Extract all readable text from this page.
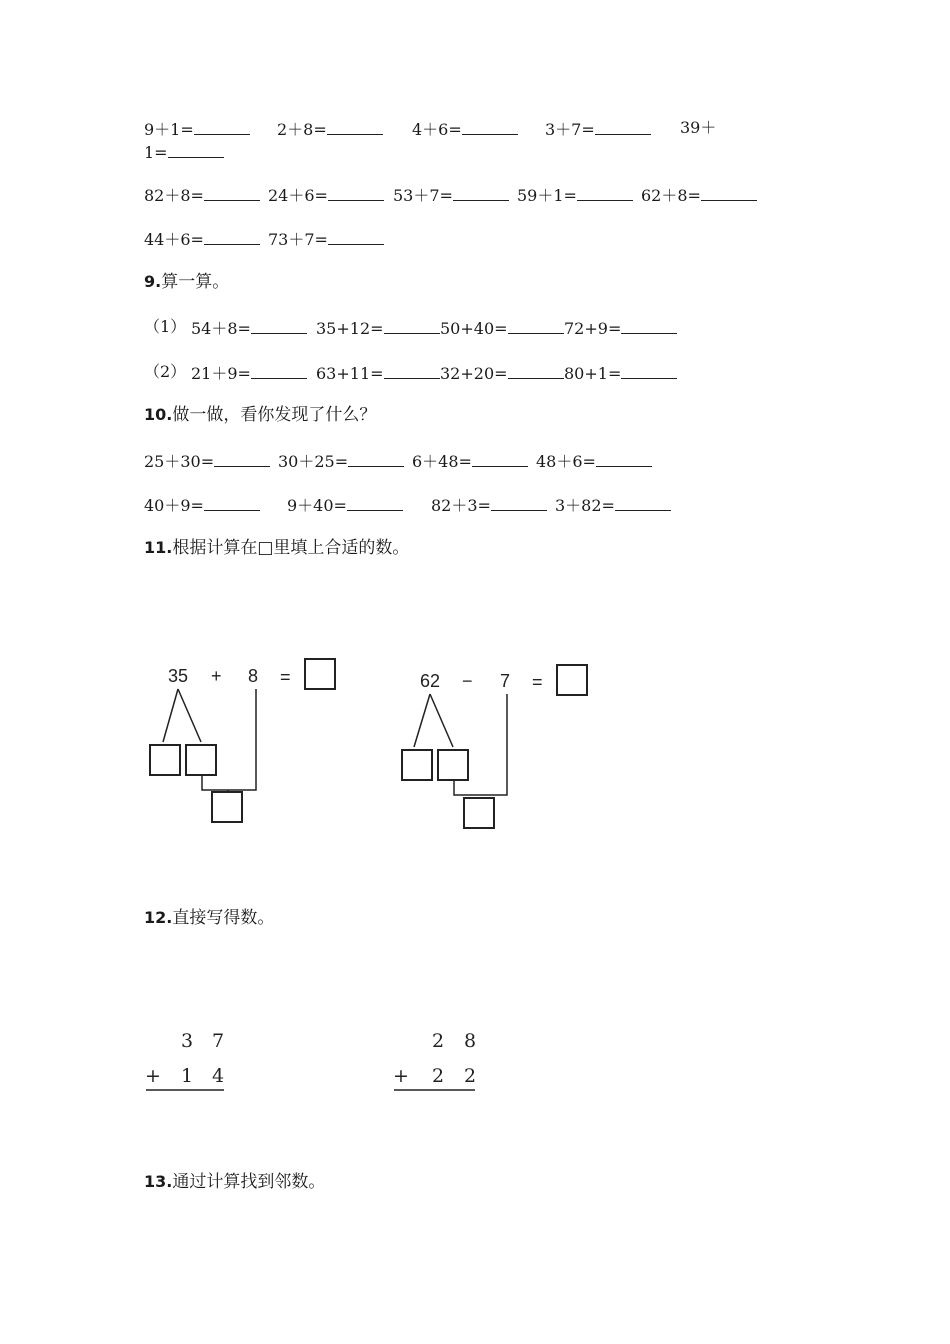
9＋1=	2＋8=	4＋6=	3＋7=	39＋
1=
82＋8=	24＋6=	53＋7=	59＋1=	62＋8=
44＋6=	73＋7=
9.算一算。
（1） 54＋8=	35+12=	50+40=	72+9=
（2） 21＋9=	63+11=	32+20=	80+1=
10.做一做，看你发现了什么？
25＋30=	30＋25=	6＋48=	48＋6=
40＋9=	9＋40=	82＋3=	3＋82=
11.根据计算在□里填上合适的数。
35 + 8 =	62 − 7 =
3 7
+ 1 4
2 8
+ 2 2
12.直接写得数。
13.通过计算找到邻数。
